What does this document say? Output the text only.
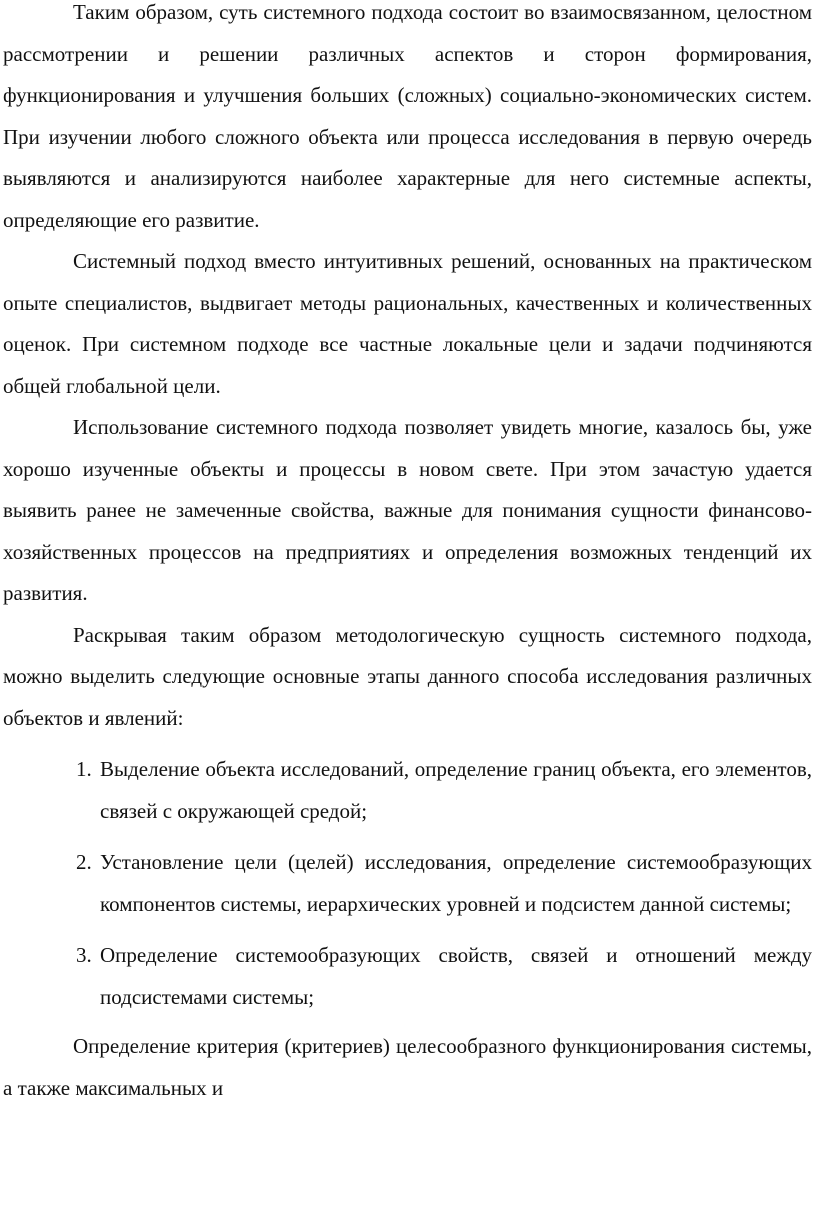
Таким образом, суть системного подхода состоит во взаимосвязанном, целостном рассмотрении и решении различных аспектов и сторон формирования, функционирования и улучшения больших (сложных) социально-экономических систем. При изучении любого сложного объекта или процесса исследования в первую очередь выявляются и анализируются наиболее характерные для него системные аспекты, определяющие его развитие.

Системный подход вместо интуитивных решений, основанных на практическом опыте специалистов, выдвигает методы рациональных, качественных и количественных оценок. При системном подходе все частные локальные цели и задачи подчиняются общей глобальной цели.

Использование системного подхода позволяет увидеть многие, казалось бы, уже хорошо изученные объекты и процессы в новом свете. При этом зачастую удается выявить ранее не замеченные свойства, важные для понимания сущности финансово-хозяйственных процессов на предприятиях и определения возможных тенденций их развития.

Раскрывая таким образом методологическую сущность системного подхода, можно выделить следующие основные этапы данного способа исследования различных объектов и явлений:

1. Выделение объекта исследований, определение границ объекта, его элементов, связей с окружающей средой;
2. Установление цели (целей) исследования, определение системообразующих компонентов системы, иерархических уровней и подсистем данной системы;
3. Определение системообразующих свойств, связей и отношений между подсистемами системы;

Определение критерия (критериев) целесообразного функционирования системы, а также максимальных и
